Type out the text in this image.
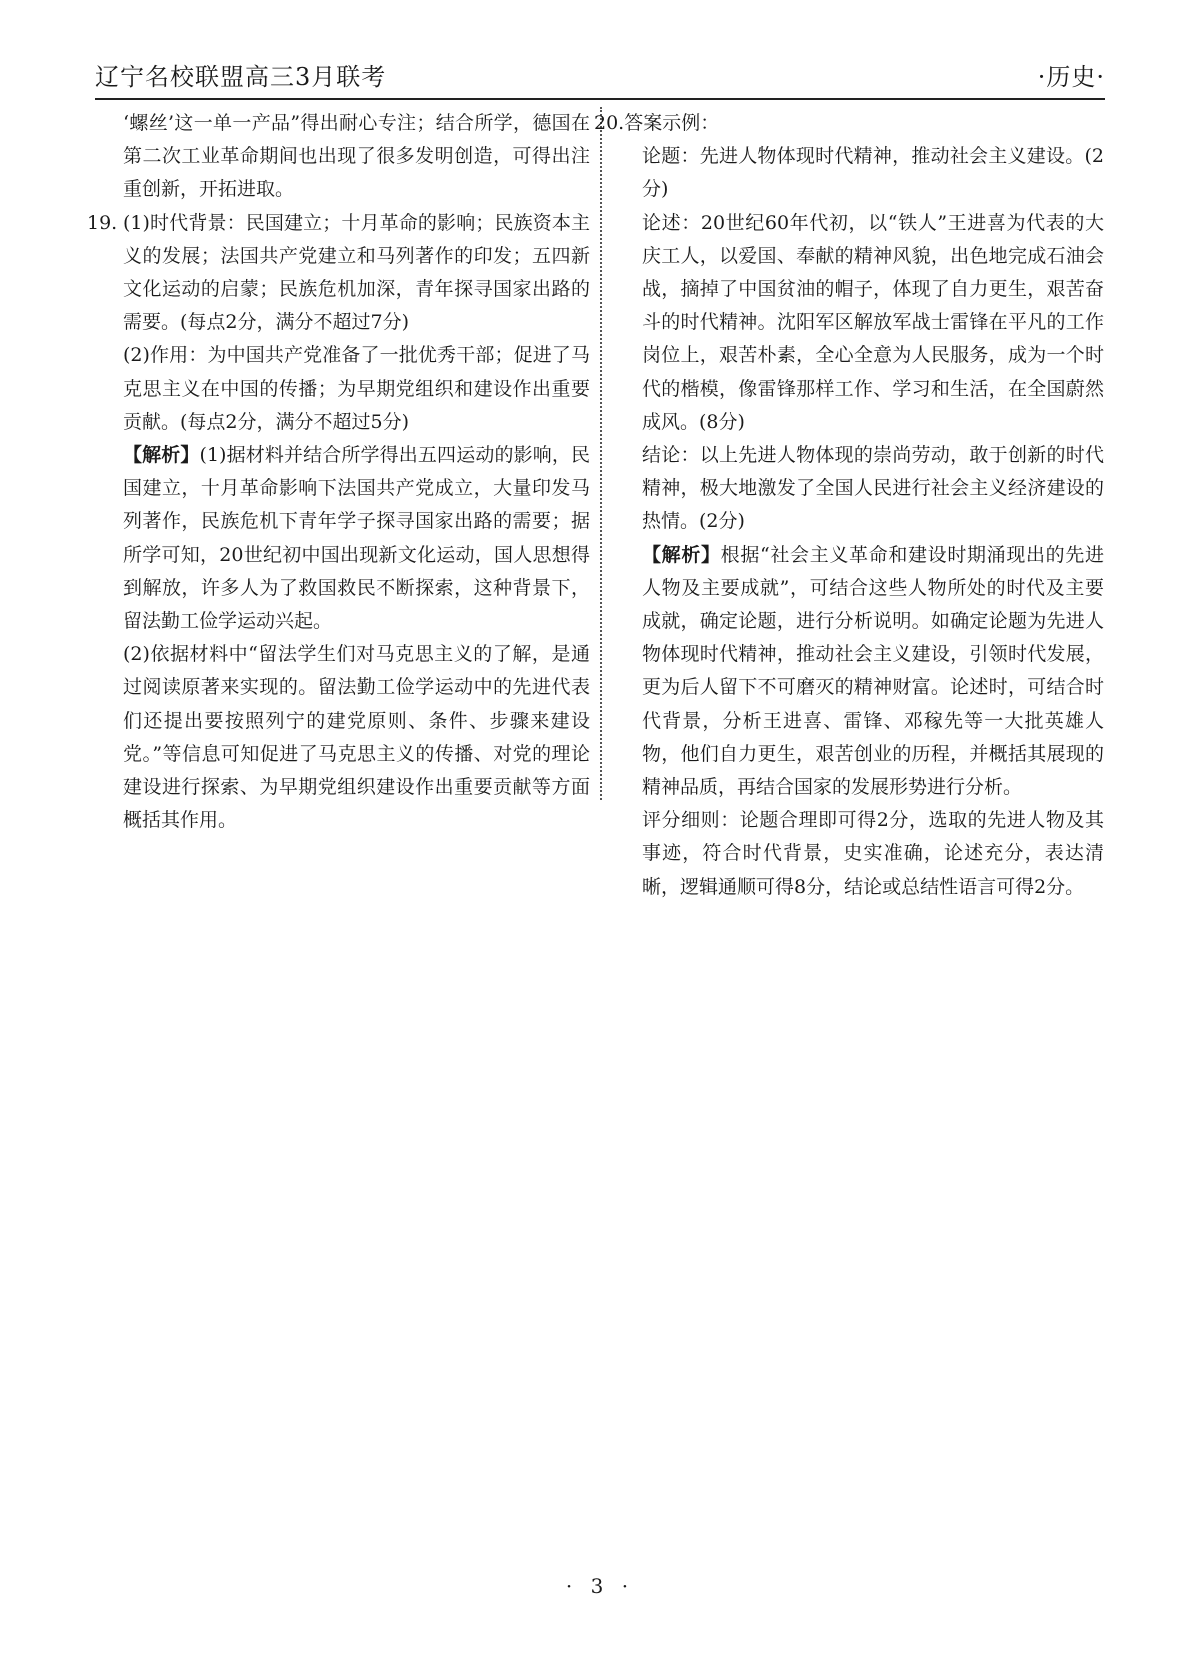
辽宁名校联盟高三3月联考	·历史·

‘螺丝’这一单一产品”得出耐心专注；结合所学，德国在第二次工业革命期间也出现了很多发明创造，可得出注重创新，开拓进取。

19. (1)时代背景：民国建立；十月革命的影响；民族资本主义的发展；法国共产党建立和马列著作的印发；五四新文化运动的启蒙；民族危机加深，青年探寻国家出路的需要。(每点2分，满分不超过7分)

(2)作用：为中国共产党准备了一批优秀干部；促进了马克思主义在中国的传播；为早期党组织和建设作出重要贡献。(每点2分，满分不超过5分)

【解析】(1)据材料并结合所学得出五四运动的影响，民国建立，十月革命影响下法国共产党成立，大量印发马列著作，民族危机下青年学子探寻国家出路的需要；据所学可知，20世纪初中国出现新文化运动，国人思想得到解放，许多人为了救国救民不断探索，这种背景下，留法勤工俭学运动兴起。

(2)依据材料中“留法学生们对马克思主义的了解，是通过阅读原著来实现的。留法勤工俭学运动中的先进代表们还提出要按照列宁的建党原则、条件、步骤来建设党。”等信息可知促进了马克思主义的传播、对党的理论建设进行探索、为早期党组织建设作出重要贡献等方面概括其作用。

20.答案示例：

论题：先进人物体现时代精神，推动社会主义建设。(2分)

论述：20世纪60年代初，以“铁人”王进喜为代表的大庆工人，以爱国、奉献的精神风貌，出色地完成石油会战，摘掉了中国贫油的帽子，体现了自力更生，艰苦奋斗的时代精神。沈阳军区解放军战士雷锋在平凡的工作岗位上，艰苦朴素，全心全意为人民服务，成为一个时代的楷模，像雷锋那样工作、学习和生活，在全国蔚然成风。(8分)

结论：以上先进人物体现的崇尚劳动，敢于创新的时代精神，极大地激发了全国人民进行社会主义经济建设的热情。(2分)

【解析】根据“社会主义革命和建设时期涌现出的先进人物及主要成就”，可结合这些人物所处的时代及主要成就，确定论题，进行分析说明。如确定论题为先进人物体现时代精神，推动社会主义建设，引领时代发展，更为后人留下不可磨灭的精神财富。论述时，可结合时代背景，分析王进喜、雷锋、邓稼先等一大批英雄人物，他们自力更生，艰苦创业的历程，并概括其展现的精神品质，再结合国家的发展形势进行分析。

评分细则：论题合理即可得2分，选取的先进人物及其事迹，符合时代背景，史实准确，论述充分，表达清晰，逻辑通顺可得8分，结论或总结性语言可得2分。

· 3 ·
